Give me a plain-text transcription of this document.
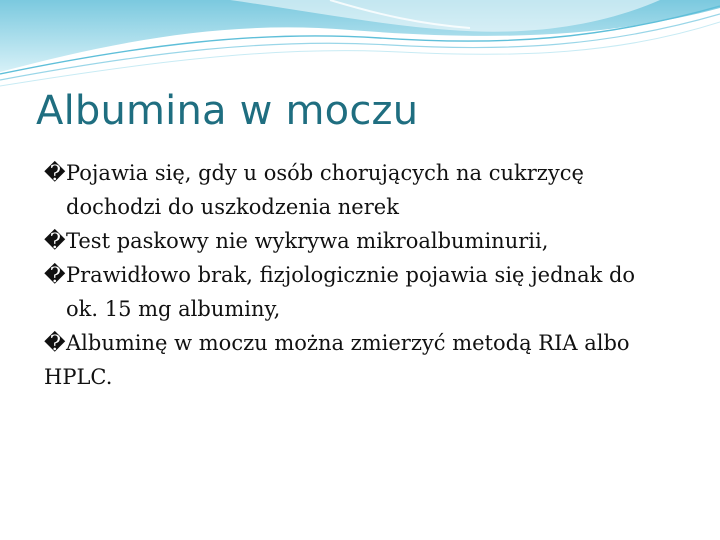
Albumina w moczu
� Pojawia się, gdy u osób chorujących na cukrzycę
dochodzi do uszkodzenia nerek
� Test paskowy nie wykrywa mikroalbuminurii,
� Prawidłowo brak, fizjologicznie pojawia się jednak do
ok. 15 mg albuminy,
� Albuminę w moczu można zmierzyć metodą RIA albo
HPLC.
